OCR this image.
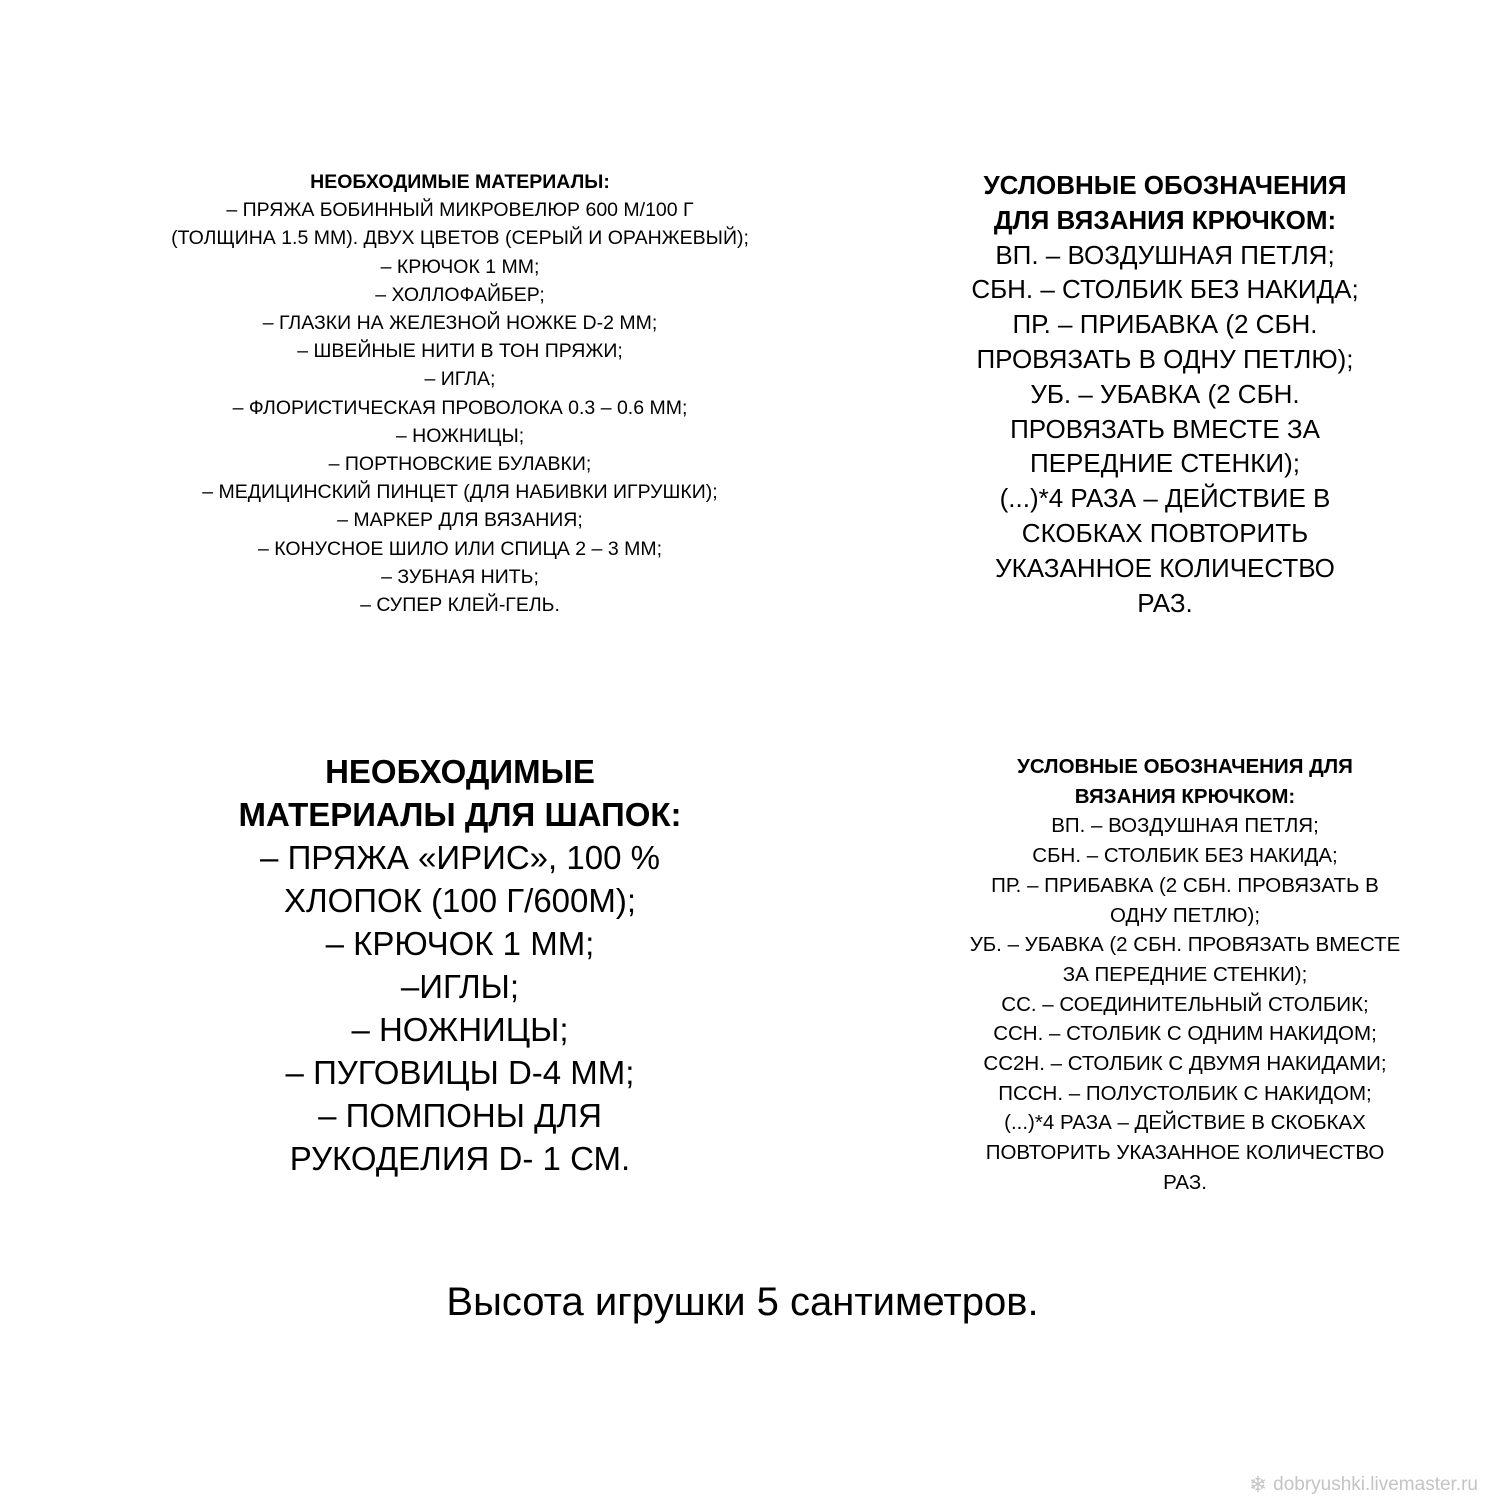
НЕОБХОДИМЫЕ МАТЕРИАЛЫ:
– ПРЯЖА БОБИННЫЙ МИКРОВЕЛЮР 600 М/100 Г
(ТОЛЩИНА 1.5 ММ). ДВУХ ЦВЕТОВ (СЕРЫЙ И ОРАНЖЕВЫЙ);
– КРЮЧОК 1 ММ;
– ХОЛЛОФАЙБЕР;
– ГЛАЗКИ НА ЖЕЛЕЗНОЙ НОЖКЕ D-2 ММ;
– ШВЕЙНЫЕ НИТИ В ТОН ПРЯЖИ;
– ИГЛА;
– ФЛОРИСТИЧЕСКАЯ ПРОВОЛОКА 0.3 – 0.6 ММ;
– НОЖНИЦЫ;
– ПОРТНОВСКИЕ БУЛАВКИ;
– МЕДИЦИНСКИЙ ПИНЦЕТ (ДЛЯ НАБИВКИ ИГРУШКИ);
– МАРКЕР ДЛЯ ВЯЗАНИЯ;
– КОНУСНОЕ ШИЛО ИЛИ СПИЦА 2 – 3 ММ;
– ЗУБНАЯ НИТЬ;
– СУПЕР КЛЕЙ-ГЕЛЬ.
УСЛОВНЫЕ ОБОЗНАЧЕНИЯ
ДЛЯ ВЯЗАНИЯ КРЮЧКОМ:
ВП. – ВОЗДУШНАЯ ПЕТЛЯ;
СБН. – СТОЛБИК БЕЗ НАКИДА;
ПР. – ПРИБАВКА (2 СБН.
ПРОВЯЗАТЬ В ОДНУ ПЕТЛЮ);
УБ. – УБАВКА (2 СБН.
ПРОВЯЗАТЬ ВМЕСТЕ ЗА
ПЕРЕДНИЕ СТЕНКИ);
(...)*4 РАЗА – ДЕЙСТВИЕ В
СКОБКАХ ПОВТОРИТЬ
УКАЗАННОЕ КОЛИЧЕСТВО
РАЗ.
НЕОБХОДИМЫЕ
МАТЕРИАЛЫ ДЛЯ ШАПОК:
– ПРЯЖА «ИРИС», 100 %
ХЛОПОК (100 Г/600М);
– КРЮЧОК 1 ММ;
–ИГЛЫ;
– НОЖНИЦЫ;
– ПУГОВИЦЫ D-4 ММ;
– ПОМПОНЫ ДЛЯ
РУКОДЕЛИЯ D- 1 СМ.
УСЛОВНЫЕ ОБОЗНАЧЕНИЯ ДЛЯ
ВЯЗАНИЯ КРЮЧКОМ:
ВП. – ВОЗДУШНАЯ ПЕТЛЯ;
СБН. – СТОЛБИК БЕЗ НАКИДА;
ПР. – ПРИБАВКА (2 СБН. ПРОВЯЗАТЬ В
ОДНУ ПЕТЛЮ);
УБ. – УБАВКА (2 СБН. ПРОВЯЗАТЬ ВМЕСТЕ
ЗА ПЕРЕДНИЕ СТЕНКИ);
СС. – СОЕДИНИТЕЛЬНЫЙ СТОЛБИК;
ССН. – СТОЛБИК С ОДНИМ НАКИДОМ;
СС2Н. – СТОЛБИК С ДВУМЯ НАКИДАМИ;
ПССН. – ПОЛУСТОЛБИК С НАКИДОМ;
(...)*4 РАЗА – ДЕЙСТВИЕ В СКОБКАХ
ПОВТОРИТЬ УКАЗАННОЕ КОЛИЧЕСТВО
РАЗ.
Высота игрушки 5 сантиметров.
❄ dobryushki.livemaster.ru
